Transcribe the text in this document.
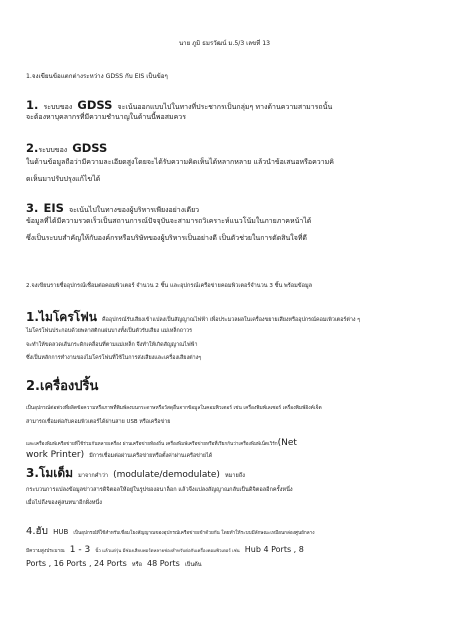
นาย ภูมิ ธมรวัฒน์ ม.5/3 เลขที่ 13
1.จงเขียนข้อแตกต่างระหว่าง GDSS กับ EIS เป็นข้อๆ
1. ระบบของ GDSS จะเน้นออกแบบไปในทางที่ประชากรเป็นกลุ่มๆ ทางด้านความสามารถนั้น
จะต้องหาบุคลากรที่มีความชำนาญในด้านนี้พอสมควร
2.ระบบของ GDSS
ในด้านข้อมูลถือว่ามีความละเอียดสูงโดยจะได้รับความคิดเห็นได้หลากหลาย แล้วนำข้อเสนอหรือความคิ
ดเห็นมาปรับปรุงแก้ไขได้
3. EIS จะเน้นไปในทางของผู้บริหารเพียงอย่างเดียว
ข้อมูลที่ได้มีความรวดเร็วเป็นสถานการณ์ปัจจุบันจะสามารถวิเคราะห์แนวโน้มในภายภาคหน้าได้
ซึ่งเป็นระบบสำคัญให้กับองค์กรหรือบริษัทของผู้บริหารเป็นอย่างดี เป็นตัวช่วยในการตัดสินใจที่ดี
2.จงเขียนรายชื่ออุปกรณ์เชื่อมต่อคอมพิวเตอร์ จำนวน 2 ชิ้น และอุปกรณ์เครือข่ายคอมพิวเตอร์จำนวน 3 ชิ้น พร้อมข้อมูล
1.ไมโครโฟน คืออุปกรณ์รับเสียงเข้าแปลงเป็นสัญญาณไฟฟ้า เพื่อประมวลผลในเครื่องขยายเสียงหรืออุปกรณ์คอมเพิวเตอร์ต่าง ๆ
ไมโครโฟนประกอบด้วยพลาสติกแผ่นบางทั้งเป็นตัวรับเสียง แม่เหล็กถาวร
จะทำให้ขดลวดเส้นกระดิกเคลื่อนที่ตามแม่เหล็ก จึงทำให้เกิดสัญญาณไฟฟ้า
ซึ่งเป็นหลักการทำงานของไมโครโฟนที่ใช้ในการส่งเสียงและเครื่องเสียงต่างๆ
2.เครื่องปริ้น
เป็นอุปกรณ์ต่อพ่วงที่ผลิตข้อความหรือภาพที่พิมพ์ลงบนกระดาษหรือวัสดุอื่นจากข้อมูลในคอมพิวเตอร์ เช่น เครื่องพิมพ์เลเซอร์ เครื่องพิมพ์อิงค์เจ็ต
สามารถเชื่อมต่อกับคอมพิวเตอร์ได้ผ่านสาย USB หรือเครือข่าย
และเครื่องพิมพ์เครือข่ายที่ใช้ร่วมกันหลายเครื่อง ผ่านเครือข่ายท้องถิ่น เครื่องพิมพ์เครือข่ายหรือที่เรียกกันว่าเครื่องพิมพ์เน็ตเวิร์ก(Net
work Printer) มีการเชื่อมต่อผ่านเครือข่ายหรือตั้งค่าผ่านเครือข่ายได้
3.โมเด็ม มาจากคำว่า (modulate/demodulate) หมายถึง
กระบวนการแปลงข้อมูลข่าวสารดิจิตอลให้อยู่ในรูปของอนาล็อก แล้วจึงแปลงสัญญาณกลับเป็นดิจิตอลอีกครั้งหนึ่ง
เมื่อไปถึงของคู่สนทนาอีกฝั่งหนึ่ง
4.ฮับ HUB เป็นอุปกรณ์ที่ใช้สำหรับเชื่อมโยงสัญญาณของอุปกรณ์เครือข่ายเข้าด้วยกัน โดยทำให้ระบบมีลักษณะเหมือนกล่องศูนย์กลาง
มีความสูงประมาณ 1 - 3 นิ้ว แล้วแต่รุ่น มีช่องเสียบพอร์ตหลายช่องสำหรับต่อกับเครื่องคอมพิวเตอร์ เช่น Hub 4 Ports , 8
Ports , 16 Ports , 24 Ports หรือ 48 Ports เป็นต้น
